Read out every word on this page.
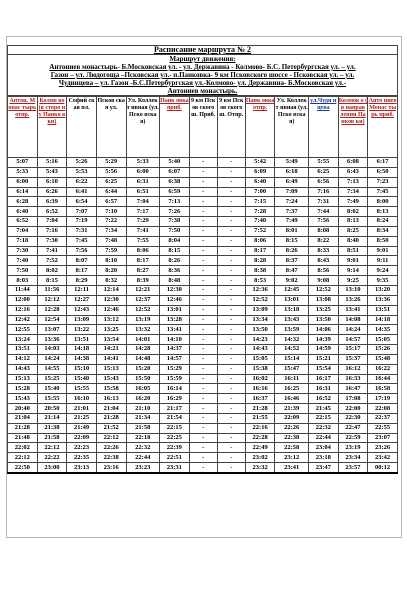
Расписание маршрута № 2

Маршрут движения:
Антониев монастырь- Б.Московская ул. - ул. Державина - Колмово- Б.С. Петербургская ул. – ул.
Газон – ул. Людогоща –Псковская ул.- п.Панковка- 9 км Псковского шоссе - Псковская ул. – ул.
Чудинцева – ул. Газон -Б.С.Петербургская ул.-Колмово- ул. Державина- Б.Московская ул.-
Антониев монастырь.
Антон. Монас тырь отпр.	Колмо во (в сторо ну Панко вки)	Софий ская пл.	Псков ская ул.	Ул. Коллект ивная (ул.Пско вская)	Панк овка приб.	9 км Псков ского ш. Приб.	9 км Псков ского ш. Отпр.	Панк овка отпр.	Ул. Коллект ивная (ул.Пско вская)	ул.Чуди нцева	Колмов о ( в направ лении Панков ки)	Анто ниев Монас тырь приб.
5:07	5:16	5:26	5:29	5:33	5:40	-	-	5:42	5:49	5:55	6:08	6:17
5:33	5:43	5:53	5:56	6:00	6:07	-	-	6:09	6:18	6:25	6:43	6:50
6:00	6:10	6:22	6:25	6:31	6:38	-	-	6:40	6:49	6:56	7:13	7:23
6:14	6:26	6:41	6:44	6:51	6:59	-	-	7:00	7:09	7:16	7:34	7:45
6:28	6:39	6:54	6:57	7:04	7:13	-	-	7:15	7:24	7:31	7:49	8:00
6:40	6:52	7:07	7:10	7:17	7:26	-	-	7:28	7:37	7:44	8:02	8:13
6:52	7:04	7:19	7:22	7:29	7:38	-	-	7:40	7:49	7:56	8:13	8:24
7:04	7:16	7:31	7:34	7:41	7:50	-	-	7:52	8:01	8:08	8:25	8:34
7:18	7:30	7:45	7:48	7:55	8:04	-	-	8:06	8:15	8:22	8:40	8:50
7:30	7:41	7:56	7:59	8:06	8:15	-	-	8:17	8:26	8:33	8:51	9:01
7:40	7:52	8:07	8:10	8:17	8:26	-	-	8:28	8:37	8:43	9:01	9:11
7:50	8:02	8:17	8:20	8:27	8:36	-	-	8:38	8:47	8:56	9:14	9:24
8:03	8:15	8:29	8:32	8:39	8:48	-	-	8:53	9:02	9:08	9:25	9:35
11:44	11:56	12:11	12:14	12:21	12:30	-	-	12:36	12:45	12:52	13:10	13:20
12:00	12:12	12:27	12:30	12:37	12:46	-	-	12:52	13:01	13:08	13:26	13:36
12:16	12:28	12:43	12:46	12:52	13:01	-	-	13:09	13:18	13:25	13:41	13:51
12:42	12:54	13:09	13:12	13:19	13:28	-	-	13:34	13:43	13:50	14:08	14:18
12:55	13:07	13:22	13:25	13:32	13:41	-	-	13:50	13:59	14:06	14:24	14:35
13:24	13:36	13:51	13:54	14:01	14:10	-	-	14:23	14:32	14:39	14:57	15:05
13:51	14:03	14:18	14:21	14:28	14:37	-	-	14:43	14:52	14:59	15:17	15:26
14:12	14:24	14:38	14:41	14:48	14:57	-	-	15:05	15:14	15:21	15:37	15:48
14:43	14:55	15:10	15:13	15:20	15:29	-	-	15:38	15:47	15:54	16:12	16:22
15:13	15:25	15:40	15:43	15:50	15:59	-	-	16:02	16:11	16:17	16:33	16:44
15:28	15:40	15:55	15:58	16:05	16:14	-	-	16:16	16:25	16:31	16:47	16:58
15:43	15:55	16:10	16:13	16:20	16:29	-	-	16:37	16:46	16:52	17:08	17:19
20:40	20:50	21:01	21:04	21:10	21:17	-	-	21:28	21:39	21:45	22:00	22:08
21:04	21:14	21:25	21:28	21:34	21:54	-	-	21:55	22:09	22:15	22:30	22:37
21:28	21:38	21:49	21:52	21:58	22:15	-	-	22:16	22:26	22:32	22:47	22:55
21:48	21:58	22:09	22:12	22:18	22:25	-	-	22:28	22:38	22:44	22:59	23:07
22:02	22:12	22:23	22:26	22:32	22:39	-	-	22:49	22:58	23:04	23:19	23:26
22:12	22:22	22:35	22:38	22:44	22:51	-	-	23:02	23:12	23:18	23:34	23:42
22:50	23:00	23:13	23:16	23:23	23:31	-	-	23:32	23:41	23:47	23:57	00:12
